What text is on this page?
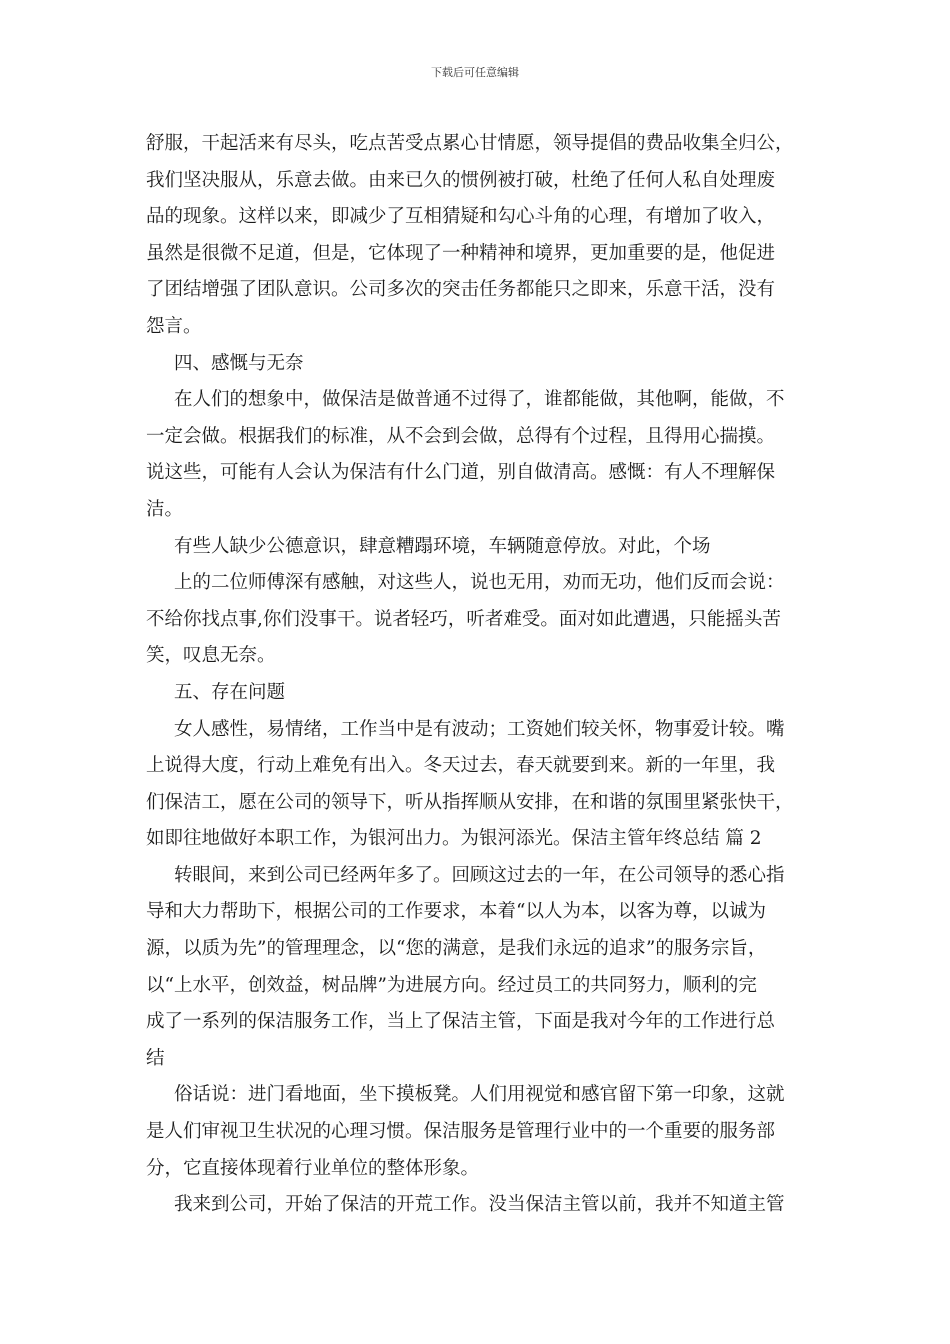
下载后可任意编辑
舒服，干起活来有尽头，吃点苦受点累心甘情愿，领导提倡的费品收集全归公，
我们坚决服从，乐意去做。由来已久的惯例被打破，杜绝了任何人私自处理废
品的现象。这样以来，即减少了互相猜疑和勾心斗角的心理，有增加了收入，
虽然是很微不足道，但是，它体现了一种精神和境界，更加重要的是，他促进
了团结增强了团队意识。公司多次的突击任务都能只之即来，乐意干活，没有
怨言。
四、感慨与无奈
在人们的想象中，做保洁是做普通不过得了，谁都能做，其他啊，能做，不
一定会做。根据我们的标准，从不会到会做，总得有个过程，且得用心揣摸。
说这些，可能有人会认为保洁有什么门道，别自做清高。感慨：有人不理解保
洁。
有些人缺少公德意识，肆意糟蹋环境，车辆随意停放。对此，个场
上的二位师傅深有感触，对这些人，说也无用，劝而无功，他们反而会说：
不给你找点事,你们没事干。说者轻巧，听者难受。面对如此遭遇，只能摇头苦
笑，叹息无奈。
五、存在问题
女人感性，易情绪，工作当中是有波动；工资她们较关怀，物事爱计较。嘴
上说得大度，行动上难免有出入。冬天过去，春天就要到来。新的一年里，我
们保洁工，愿在公司的领导下，听从指挥顺从安排，在和谐的氛围里紧张快干，
如即往地做好本职工作，为银河出力。为银河添光。保洁主管年终总结 篇 2
转眼间，来到公司已经两年多了。回顾这过去的一年，在公司领导的悉心指
导和大力帮助下，根据公司的工作要求，本着“以人为本，以客为尊，以诚为
源，以质为先”的管理理念，以“您的满意，是我们永远的追求”的服务宗旨，
以“上水平，创效益，树品牌”为进展方向。经过员工的共同努力，顺利的完
成了一系列的保洁服务工作，当上了保洁主管，下面是我对今年的工作进行总
结
俗话说：进门看地面，坐下摸板凳。人们用视觉和感官留下第一印象，这就
是人们审视卫生状况的心理习惯。保洁服务是管理行业中的一个重要的服务部
分，它直接体现着行业单位的整体形象。
我来到公司，开始了保洁的开荒工作。没当保洁主管以前，我并不知道主管
